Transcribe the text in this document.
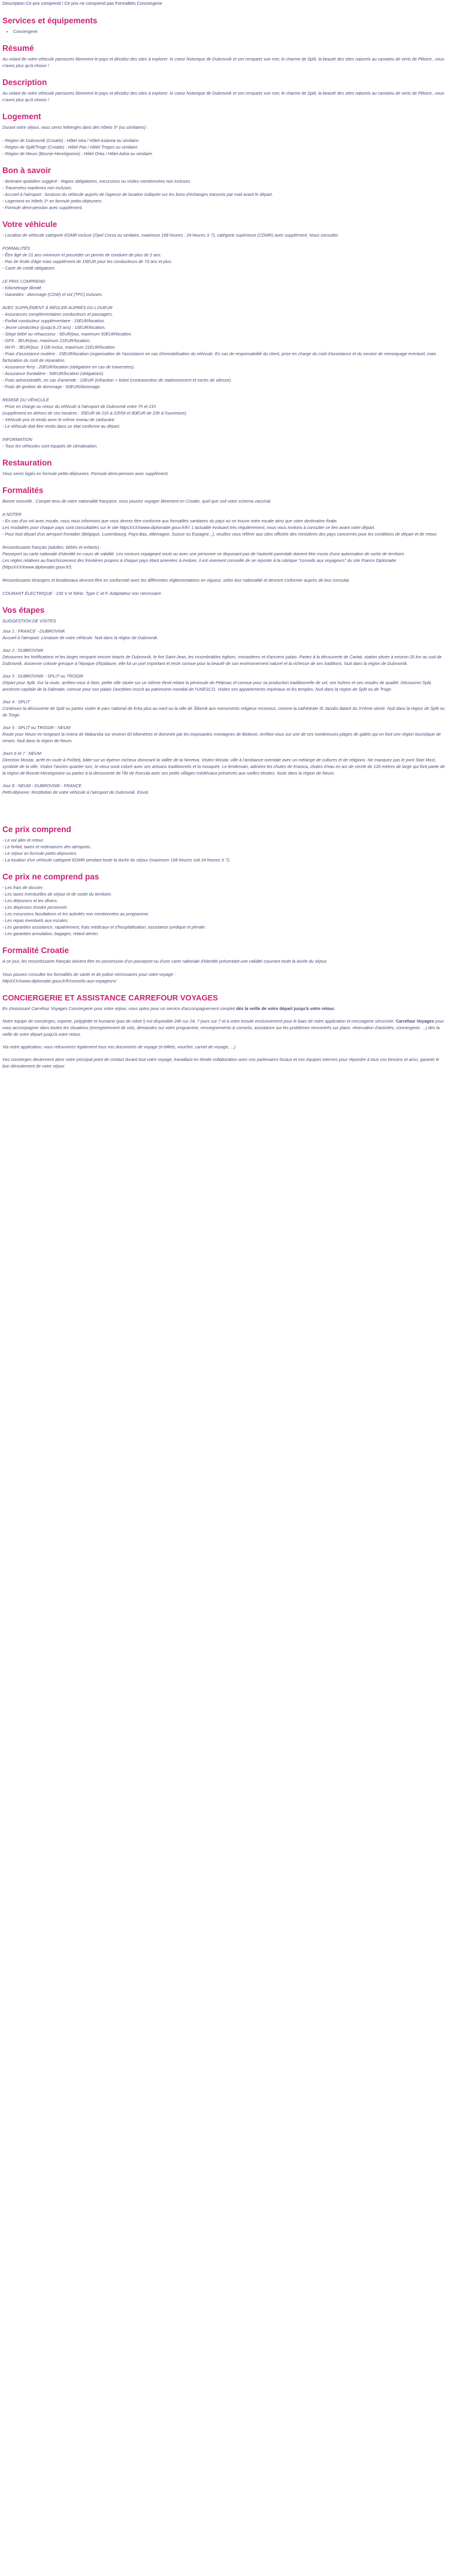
Description Ce prix comprend / Ce prix ne comprend pas Formalités Conciergerie
Services et équipements
• Conciergerie
Résumé

Au volant de votre véhicule parcourez librement le pays et décidez des sites à explorer: le coeur historique de Dubrovnik et ses remparts vue mer, le charme de Split, la beauté des sites naturels au camaïeu de verts de Plitvice...vous n'avez plus qu'à choisir !

Description

Au volant de votre véhicule parcourez librement le pays et décidez des sites à explorer: le coeur historique de Dubrovnik et ses remparts vue mer, le charme de Split, la beauté des sites naturels au camaïeu de verts de Plitvice...vous n'avez plus qu'à choisir !

Logement
Durant votre séjour, vous serez hébergés dans des hôtels 3* (ou similaires) :
- Région de Dubrovnik (Croatie) : Hôtel Ivka / Hôtel Astarea ou similaire.
- Région de Split/Trogir (Croatie) : Hôtel Pax / Hôtel Trogos ou similaire.
- Région de Neum (Bosnie-Herzégovine) : Hôtel Orka / Hôtel Adria ou similaire.
Bon à savoir
- Itinéraire quotidien suggéré : étapes obligatoires, excursions ou visites mentionnées non incluses.
- Traversées maritimes non incluses.
- Accueil à l'aéroport : livraison du véhicule auprès de l'agence de location indiquée sur les bons d'échanges transmis par mail avant le départ.
- Logement en hôtels 3* en formule petits-déjeuners.
- Formule demi-pension avec supplément.
Votre véhicule
- Location de véhicule catégorie EDMR incluse (Opel Corsa ou similaire, maximum 168 heures : 24 heures X 7), catégorie supérieure (CDMR) avec supplément. Nous consulter.
FORMALITÉS
- Être âgé de 21 ans minimum et posséder un permis de conduire de plus de 2 ans.
- Pas de limite d'âge mais supplément de 15EUR pour les conducteurs de 70 ans et plus.
- Carte de crédit obligatoire.
LE PRIX COMPREND
- Kilométrage illimité.
- Garanties : dommage (CDW) et vol (TPC) incluses.
AVEC SUPPLÉMENT À RÉGLER AUPRÈS DU LOUEUR
- Assurances complémentaires conducteurs et passagers.
- Forfait conducteur supplémentaire : 15EUR/location.
- Jeune conducteur (jusqu'à 23 ans) : 10EUR/location.
- Siège bébé ou rehausseur : 5EUR/jour, maximum 50EUR/location.
- GPS : 3EUR/jour, maximum 21EUR/location.
- Wi-Fi : 3EUR/jour, 3 GB inclus, maximum 21EUR/location.
- Frais d'assistance routière : 15EUR/location (organisation de l'assistance en cas d'immobilisation du véhicule. En cas de responsabilité du client, prise en charge du coût d'assistance et du service de remorquage éventuel, mais facturation du coût de réparation.
- Assurance ferry : 20EUR/location (obligatoire en cas de traversées).
- Assurance frontalière : 50EUR/location (obligatoire).
- Frais administratifs, en cas d'amende : 10EUR (infraction + ticket (contravention de stationnement et excès de vitesse).
- Frais de gestion de dommage : 50EUR/dommage.
REMISE DU VÉHICULE
- Prise en charge ou retour du véhicule à l'aéroport de Dubrovnik entre 7h et 21h
(supplément en dehors de ces horaires : 35EUR de 21h à 22h59 et 80EUR de 23h à l'ouverture).
- Véhicule pris et rendu avec le même niveau de carburant.
- Le véhicule doit être rendu dans un état conforme au départ.
INFORMATION
- Tous les véhicules sont équipés de climatisation.
Restauration

Vous serez logés en formule petits-déjeuners. Formule demi-pension avec supplément.

Formalités
Bonne nouvelle : Compte tenu de votre nationalité française, vous pouvez voyager librement en Croatie, quel que soit votre schéma vaccinal.
A NOTER
- En cas d'un vol avec escale, nous vous informons que vous devrez être conforme aux formalités sanitaires du pays où se trouve votre escale ainsi que votre destination finale.
Les modalités pour chaque pays sont consultables sur le site httpsXXXXwww.diplomatie.gouv.fr/fr/. L'actualité évoluant très régulièrement, nous vous invitons à consulter ce lien avant votre départ.
- Pour tout départ d'un aéroport frontalier (Belgique, Luxembourg, Pays-Bas, Allemagne, Suisse ou Espagne...), veuillez vous référer aux sites officiels des ministères des pays concernés pour les conditions de départ et de retour.
Ressortissants français (adultes, bébés et enfants) :
Passeport ou carte nationale d'identité en cours de validité. Les mineurs voyageant seuls ou avec une personne ne disposant pas de l'autorité parentale doivent être munis d'une autorisation de sortie de territoire.
Les règles relatives au franchissement des frontières propres à chaque pays étant amenées à évoluer, il est vivement conseillé de se reporter à la rubrique "conseils aux voyageurs" du site France Diplomatie (httpsXXXXwww.diplomatie.gouv.fr/).
Ressortissants étrangers et binationaux devront être en conformité avec les différentes réglementations en vigueur, selon leur nationalité et devront s'informer auprès de leur consulat.
COURANT ÉLECTRIQUE : 230 V et 50Hz. Type C et F. Adaptateur non nécessaire.
Vos étapes

SUGGESTION DE VISITES

Jour 1 : FRANCE - DUBROVNIK

Accueil à l'aéroport. Livraison de votre véhicule. Nuit dans la région de Dubrovnik.

Jour 2 : DUBROVNIK

Découvrez les fortifications et les larges remparts encore intacts de Dubrovnik, le fort Saint-Jean, les innombrables églises, monastères et d'anciens palais. Partez à la découverte de Cavtat, station située à environ 20 km au sud de Dubrovnik. Ancienne colonie grecque à l'époque d'Epidaure, elle fut un port important et reste connue pour la beauté de son environnement naturel et la richesse de ses traditions. Nuit dans la région de Dubrovnik.

Jour 3 : DUBROVNIK - SPLIT ou TROGIR

Départ pour Split. Sur la route, arrêtez-vous à Ston, petite ville située sur un isthme étroit reliant la péninsule de Peljesac et connue pour sa production traditionnelle de sel, ses huîtres et ses moules de qualité. Découvrez Split, ancienne capitale de la Dalmatie, connue pour son palais Dioclétien inscrit au patrimoine mondial de l'UNESCO. Visitez ses appartements impériaux et les temples. Nuit dans la région de Split ou de Trogir.

Jour 4 : SPLIT

Continuez la découverte de Split ou partez visiter le parc national de Krka plus au nord ou la ville de Šibenik aux monuments religieux reconnus, comme la cathédrale St Jacobs datant du XVème siècle. Nuit dans la région de Split ou de Trogir.

Jour 5 : SPLIT ou TROGIR - NEUM

Route pour Neum en longeant la riviera de Makarska sur environ 60 kilomètres et dominée par les imposantes montagnes de Biokovo. Arrêtez-vous sur une de ces nombreuses plages de galets qui en font une région touristique de renom. Nuit dans la région de Neum.

Jours 6 et 7 : NEUM

Direction Mostar, arrêt en route à Počitelj, bâtie sur un éperon rocheux dominant la vallée de la Neretva. Visitez Mostar, ville à l'ambiance orientale avec un mélange de cultures et de religions. Ne manquez pas le pont Stari Most, symbole de la ville. Visitez l'ancien quartier turc, le vieux souk coloré avec ses artisans traditionnels et la mosquée. Le lendemain, admirez les chutes de Kravica, chutes d'eau en arc de cercle de 120 mètres de large qui font partie de la région de Bosnie-Herzégovine ou partez à la découverte de l'île de Korcula avec ses petits villages médiévaux préservés aux ruelles étroites. Nuits dans la région de Neum.

Jour 8 : NEUM - DUBROVNIK - FRANCE

Petit-déjeuner. Restitution de votre véhicule à l'aéroport de Dubrovnik. Envol.

Ce prix comprend
- Le vol aller et retour.
- Le forfait, taxes et redevances des aéroports.
- Le séjour en formule petits-déjeuners.
- La location d'un véhicule catégorie EDMR pendant toute la durée du séjour (maximum 168 heures soit 24 heures X 7).
Ce prix ne comprend pas
- Les frais de dossier.
- Les taxes éventuelles de séjour et de sortie du territoire.
- Les déjeuners et les dîners.
- Les dépenses d'ordre personnel.
- Les excursions facultatives et les activités non mentionnées au programme.
- Les repas éventuels aux escales.
- Les garanties assistance, rapatriement, frais médicaux et d'hospitalisation, assistance juridique et pénale.
- Les garanties annulation, bagages, retard aérien.
Formalité Croatie
A ce jour, les ressortissants français doivent être en possession d'un passeport ou d'une carte nationale d'identité présentant une validité couvrant toute la durée du séjour.
Vous pouvez consulter les formalités de santé et de police nécessaires pour votre voyage :
httpXXXXwww.diplomatie.gouv.fr/fr/conseils-aux-voyageurs/
CONCIERGERIE ET ASSISTANCE CARREFOUR VOYAGES

En choisissant Carrefour Voyages Conciergerie pour votre séjour, vous optez pour un service d'accompagnement complet dès la veille de votre départ jusqu'à votre retour.

Notre équipe de concierges, experte, polyglotte et humaine (pas de robot !) est disponible 24h sur 24, 7 jours sur 7 et à votre écoute exclusivement pour le biais de notre application et messagerie sécurisée. Carrefour Voyages pour vous accompagner dans toutes les situations (enregistrement de vols, demandes sur votre programme, renseignements & conseils, assistance sur les problèmes rencontrés sur place, réservation d'activités, conciergerie, ...) dès la veille de votre départ jusqu'à votre retour.

Via notre application, vous retrouverez également tous vos documents de voyage (e-billets, voucher, carnet de voyage, ...)

Vos concierges deviennent alors votre principal point de contact durant tout votre voyage, travaillant en étroite collaboration avec nos partenaires locaux et nos équipes internes pour répondre à tous vos besoins et ainsi, garantir le bon déroulement de votre séjour.
